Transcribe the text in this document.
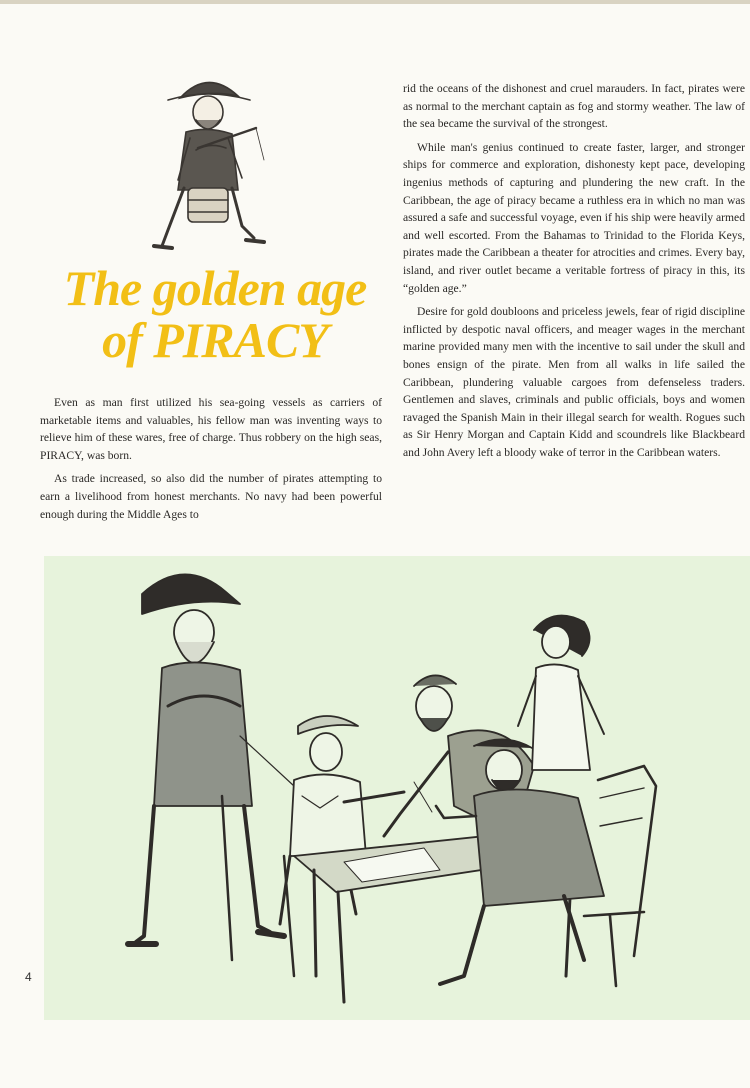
The golden age
of PIRACY

Even as man first utilized his sea-going vessels as carriers of marketable items and valuables, his fellow man was inventing ways to relieve him of these wares, free of charge. Thus robbery on the high seas, PIRACY, was born.

As trade increased, so also did the number of pirates attempting to earn a livelihood from honest merchants. No navy had been powerful enough during the Middle Ages to

rid the oceans of the dishonest and cruel marauders. In fact, pirates were as normal to the merchant captain as fog and stormy weather. The law of the sea became the survival of the strongest.

While man's genius continued to create faster, larger, and stronger ships for commerce and exploration, dishonesty kept pace, developing ingenius methods of capturing and plundering the new craft. In the Caribbean, the age of piracy became a ruthless era in which no man was assured a safe and successful voyage, even if his ship were heavily armed and well escorted. From the Bahamas to Trinidad to the Florida Keys, pirates made the Caribbean a theater for atrocities and crimes. Every bay, island, and river outlet became a veritable fortress of piracy in this, its “golden age.”

Desire for gold doubloons and priceless jewels, fear of rigid discipline inflicted by despotic naval officers, and meager wages in the merchant marine provided many men with the incentive to sail under the skull and bones ensign of the pirate. Men from all walks in life sailed the Caribbean, plundering valuable cargoes from defenseless traders. Gentlemen and slaves, criminals and public officials, boys and women ravaged the Spanish Main in their illegal search for wealth. Rogues such as Sir Henry Morgan and Captain Kidd and scoundrels like Blackbeard and John Avery left a bloody wake of terror in the Caribbean waters.

4
